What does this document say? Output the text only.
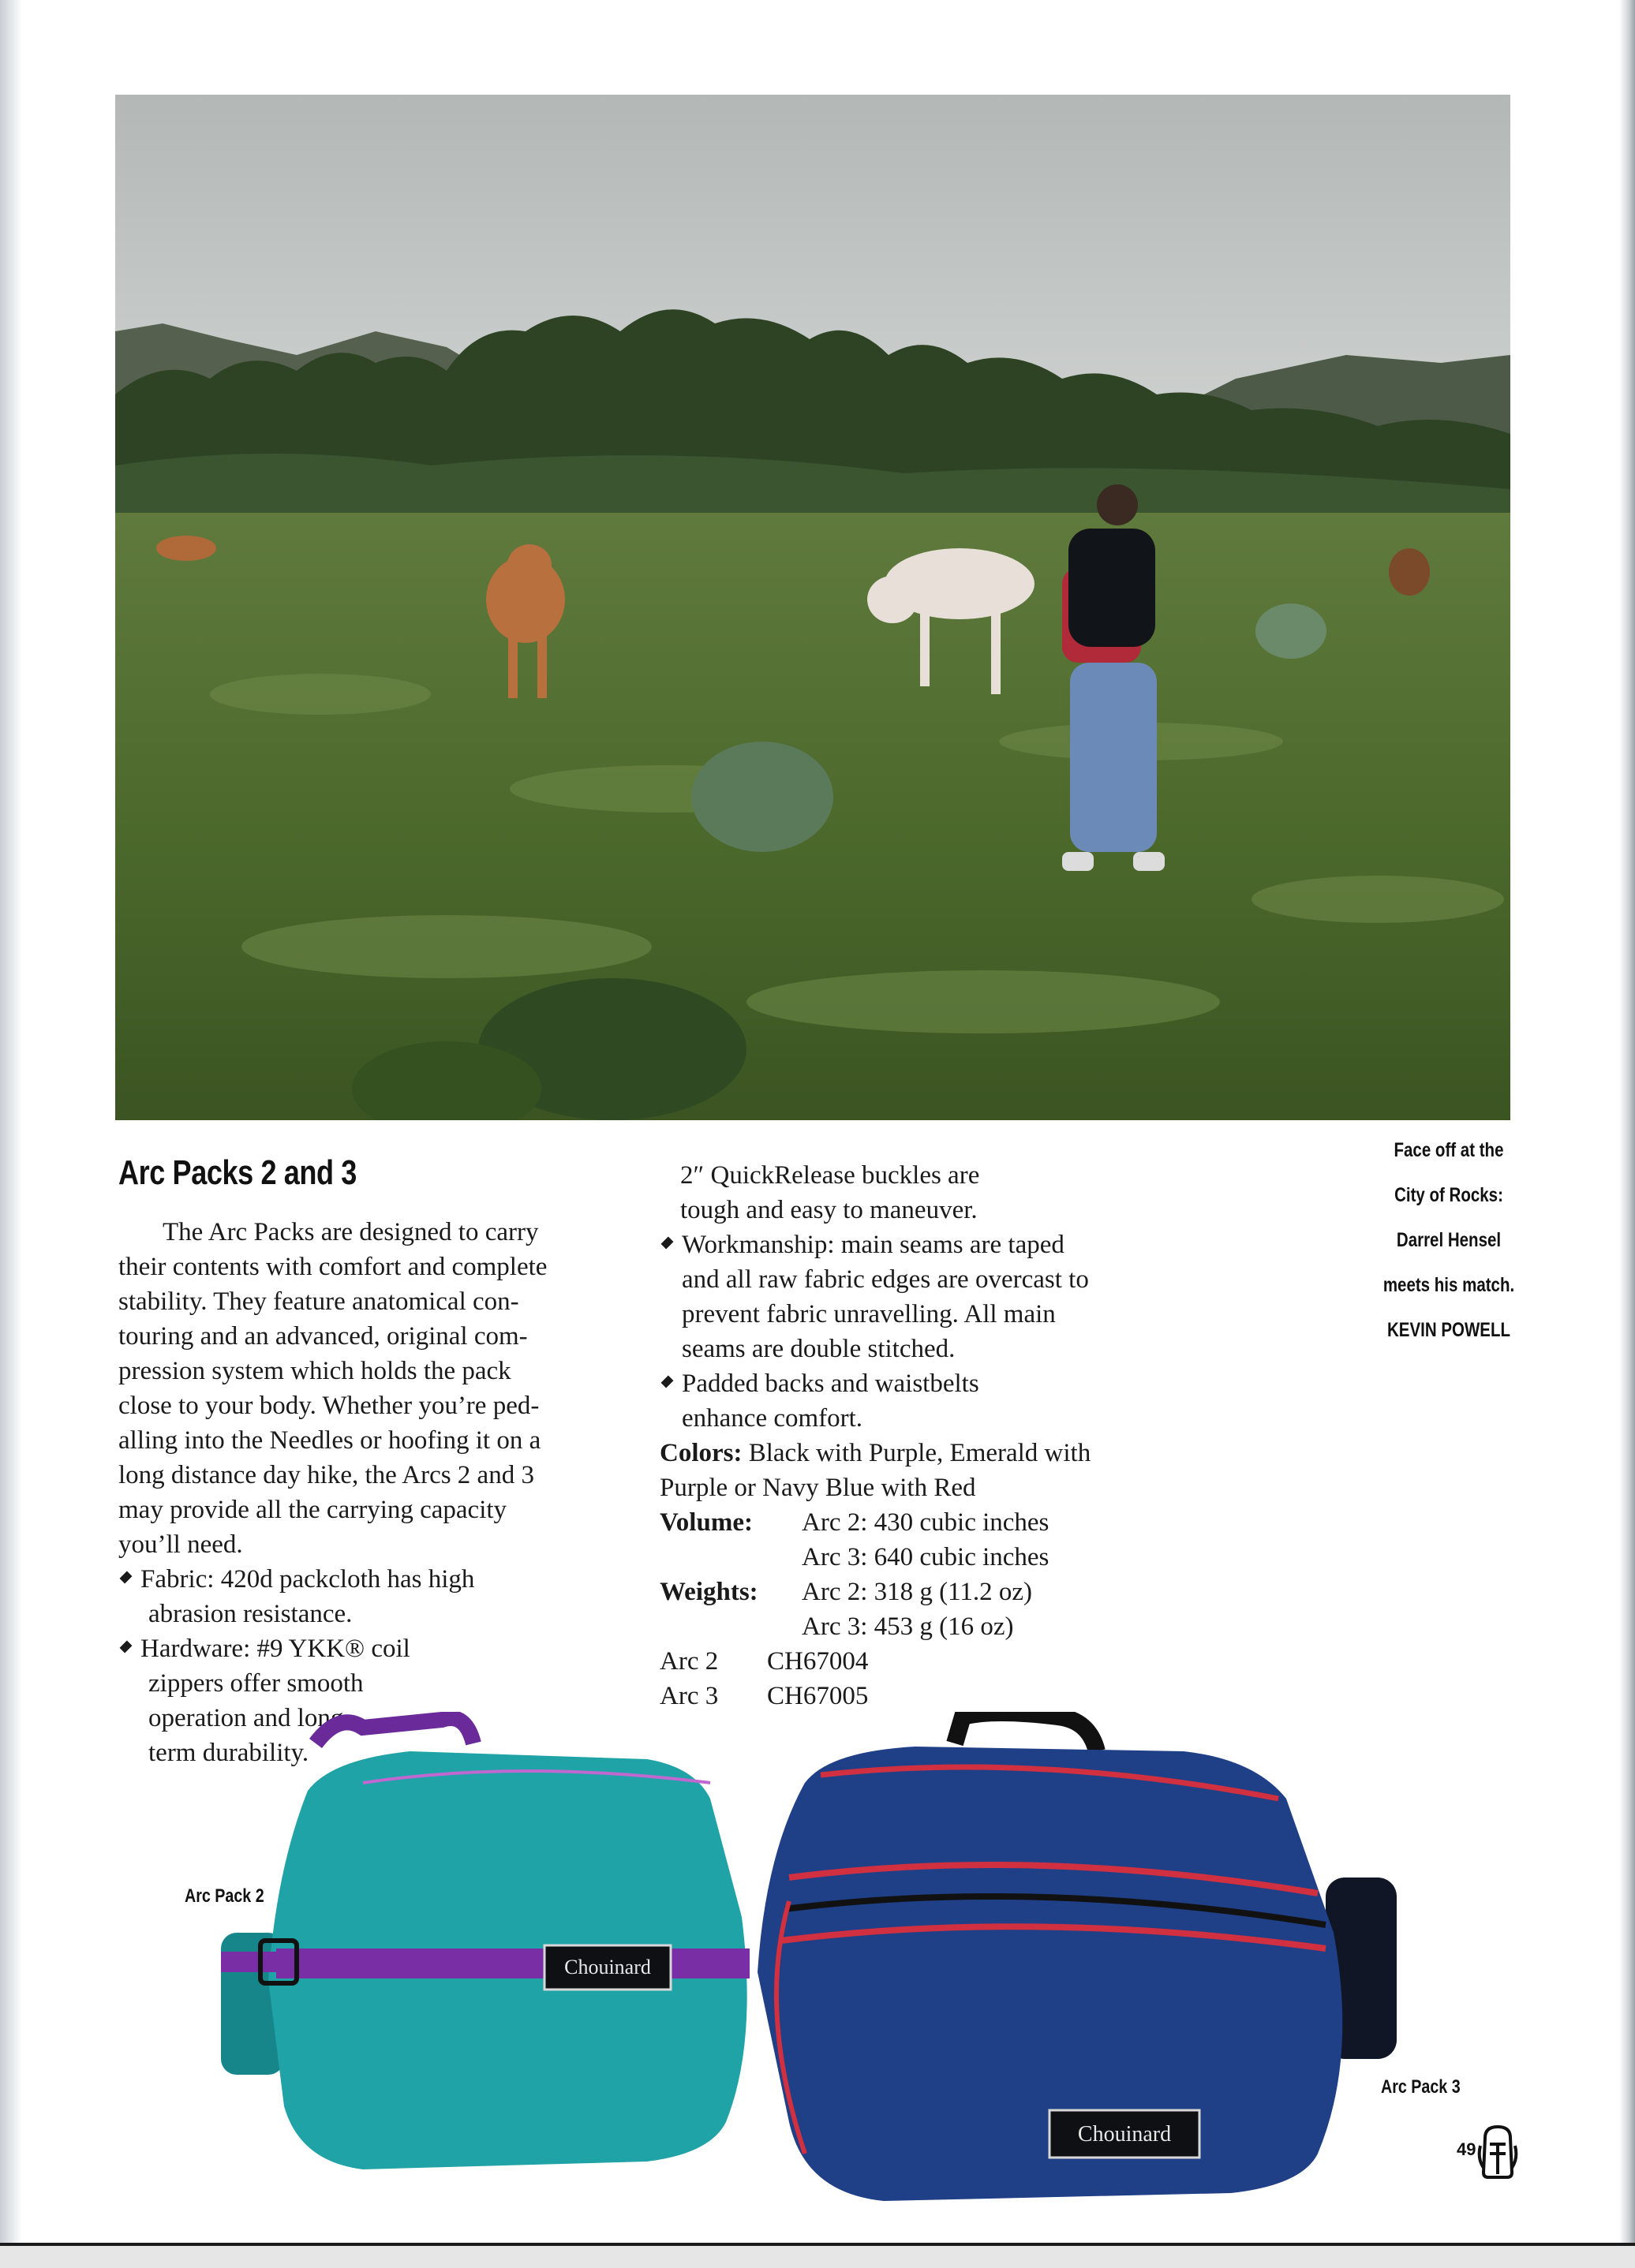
Face off at the
City of Rocks:
Darrel Hensel
meets his match.
KEVIN POWELL
Arc Packs 2 and 3

The Arc Packs are designed to carry
their contents with comfort and complete
stability. They feature anatomical con-
touring and an advanced, original com-
pression system which holds the pack
close to your body. Whether you’re ped-
alling into the Needles or hoofing it on a
long distance day hike, the Arcs 2 and 3
may provide all the carrying capacity
you’ll need.

Fabric: 420d packcloth has high
abrasion resistance.
Hardware: #9 YKK® coil
zippers offer smooth
operation and long-
term durability.

2″ QuickRelease buckles are
tough and easy to maneuver.

Workmanship: main seams are taped
and all raw fabric edges are overcast to
prevent fabric unravelling. All main
seams are double stitched.
Padded backs and waistbelts
enhance comfort.

Colors: Black with Purple, Emerald with
Purple or Navy Blue with Red

Volume:	Arc 2: 430 cubic inches
Arc 3: 640 cubic inches
Weights:	Arc 2: 318 g (11.2 oz)
Arc 3: 453 g (16 oz)
Arc 2	CH67004
Arc 3	CH67005
Chouinard
Chouinard
Arc Pack 2
Arc Pack 3
49
